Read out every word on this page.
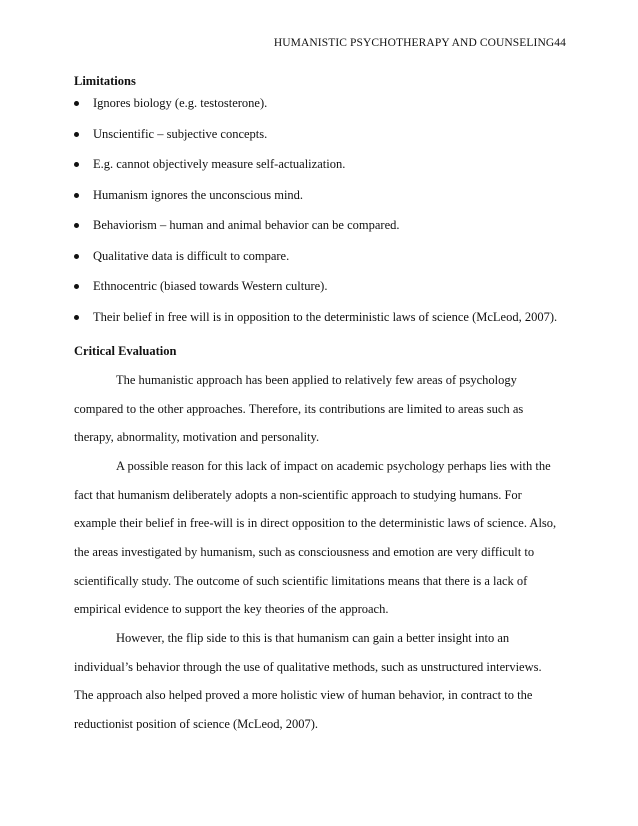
HUMANISTIC PSYCHOTHERAPY AND COUNSELING44
Limitations
Ignores biology (e.g. testosterone).
Unscientific – subjective concepts.
E.g. cannot objectively measure self-actualization.
Humanism ignores the unconscious mind.
Behaviorism – human and animal behavior can be compared.
Qualitative data is difficult to compare.
Ethnocentric (biased towards Western culture).
Their belief in free will is in opposition to the deterministic laws of science (McLeod, 2007).
Critical Evaluation
The humanistic approach has been applied to relatively few areas of psychology
compared to the other approaches. Therefore, its contributions are limited to areas such as
therapy, abnormality, motivation and personality.
A possible reason for this lack of impact on academic psychology perhaps lies with the
fact that humanism deliberately adopts a non-scientific approach to studying humans. For
example their belief in free-will is in direct opposition to the deterministic laws of science. Also,
the areas investigated by humanism, such as consciousness and emotion are very difficult to
scientifically study. The outcome of such scientific limitations means that there is a lack of
empirical evidence to support the key theories of the approach.
However, the flip side to this is that humanism can gain a better insight into an
individual’s behavior through the use of qualitative methods, such as unstructured interviews.
The approach also helped proved a more holistic view of human behavior, in contract to the
reductionist position of science (McLeod, 2007).
